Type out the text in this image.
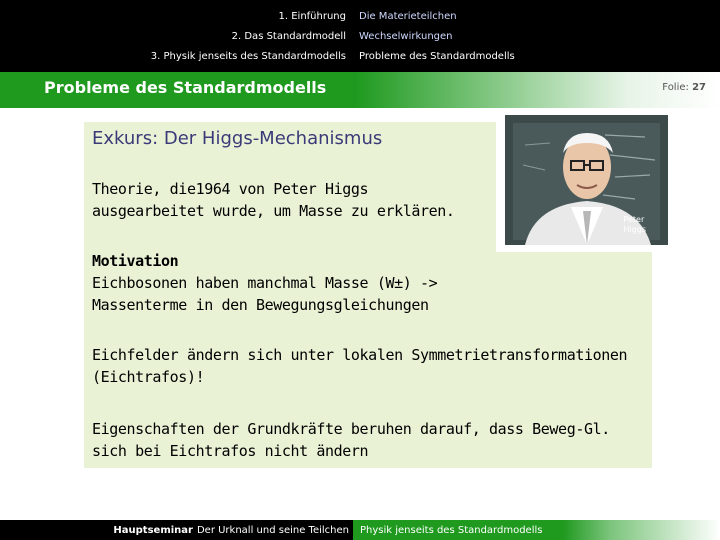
1. Einführung
2. Das Standardmodell
3. Physik jenseits des Standardmodells
Die Materieteilchen
Wechselwirkungen
Probleme des Standardmodells
Probleme des Standardmodells	Folie: 27
Exkurs: Der Higgs-Mechanismus
Theorie, die1964 von Peter Higgs
ausgearbeitet wurde, um Masse zu erklären.
Motivation
Eichbosonen haben manchmal Masse (W±) ->
Massenterme in den Bewegungsgleichungen
Eichfelder ändern sich unter lokalen Symmetrietransformationen
(Eichtrafos)!
Eigenschaften der Grundkräfte beruhen darauf, dass Beweg-Gl.
sich bei Eichtrafos nicht ändern
Peter
Higgs
Hauptseminar Der Urknall und seine Teilchen	Physik jenseits des Standardmodells
